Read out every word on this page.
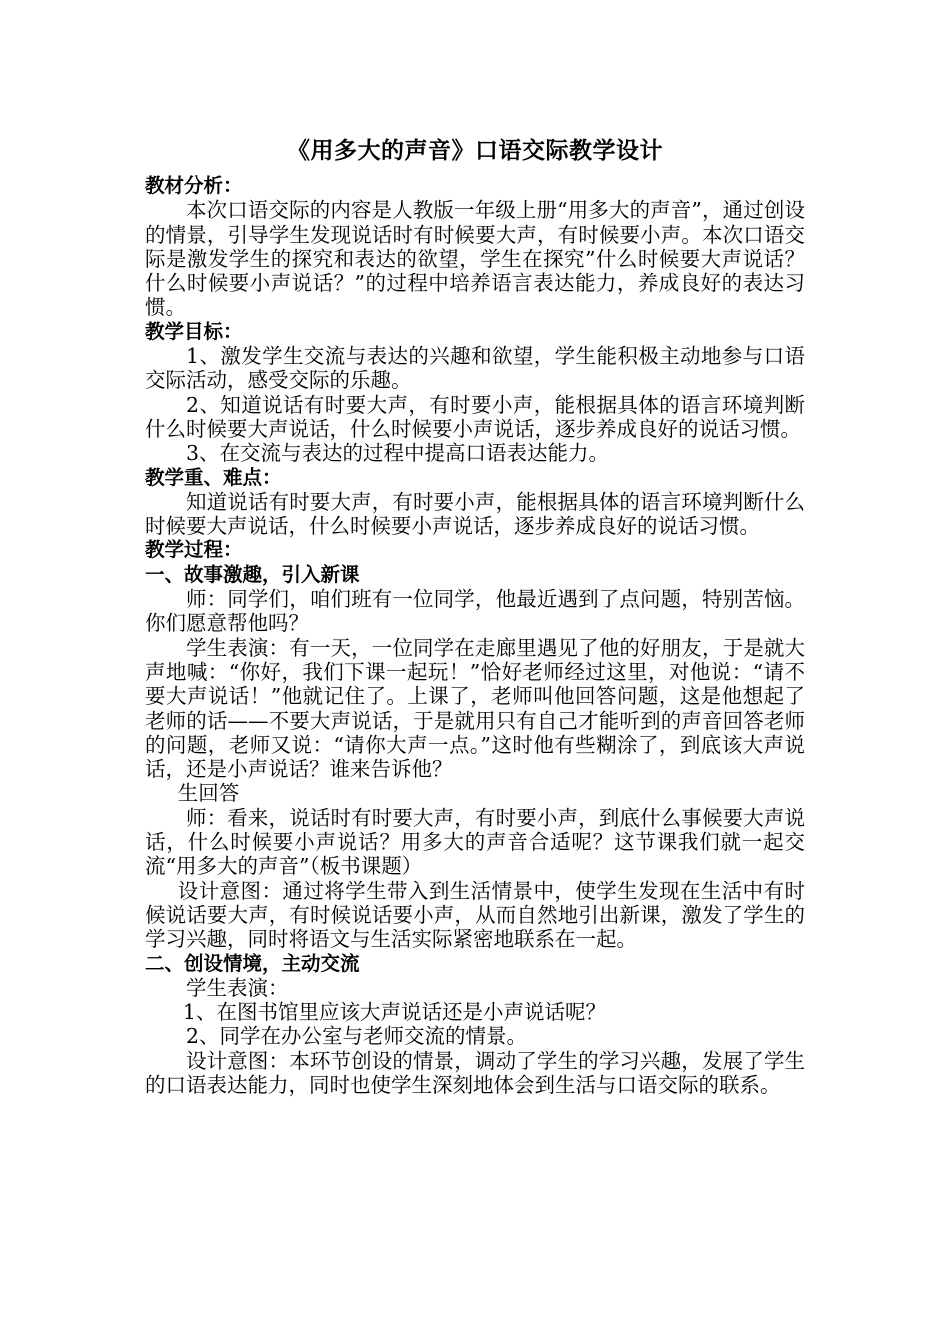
《用多大的声音》口语交际教学设计
教材分析：

本次口语交际的内容是人教版一年级上册“用多大的声音”，通过创设的情景，引导学生发现说话时有时候要大声，有时候要小声。本次口语交际是激发学生的探究和表达的欲望，学生在探究”什么时候要大声说话？什么时候要小声说话？”的过程中培养语言表达能力，养成良好的表达习惯。

教学目标：

1、激发学生交流与表达的兴趣和欲望，学生能积极主动地参与口语交际活动，感受交际的乐趣。

2、知道说话有时要大声，有时要小声，能根据具体的语言环境判断什么时候要大声说话，什么时候要小声说话，逐步养成良好的说话习惯。

3、在交流与表达的过程中提高口语表达能力。

教学重、难点：

知道说话有时要大声，有时要小声，能根据具体的语言环境判断什么时候要大声说话，什么时候要小声说话，逐步养成良好的说话习惯。

教学过程：
一、故事激趣，引入新课

师：同学们，咱们班有一位同学，他最近遇到了点问题，特别苦恼。你们愿意帮他吗？

学生表演：有一天，一位同学在走廊里遇见了他的好朋友，于是就大声地喊：“你好，我们下课一起玩！”恰好老师经过这里，对他说：“请不要大声说话！”他就记住了。上课了，老师叫他回答问题，这是他想起了老师的话——不要大声说话，于是就用只有自己才能听到的声音回答老师的问题，老师又说：“请你大声一点。”这时他有些糊涂了，到底该大声说话，还是小声说话？谁来告诉他？

生回答

师：看来，说话时有时要大声，有时要小声，到底什么事候要大声说话，什么时候要小声说话？用多大的声音合适呢？这节课我们就一起交流“用多大的声音”（板书课题）

设计意图：通过将学生带入到生活情景中，使学生发现在生活中有时候说话要大声，有时候说话要小声，从而自然地引出新课，激发了学生的学习兴趣，同时将语文与生活实际紧密地联系在一起。

二、创设情境，主动交流

学生表演：

1、在图书馆里应该大声说话还是小声说话呢？

2、同学在办公室与老师交流的情景。

设计意图：本环节创设的情景，调动了学生的学习兴趣，发展了学生的口语表达能力，同时也使学生深刻地体会到生活与口语交际的联系。
